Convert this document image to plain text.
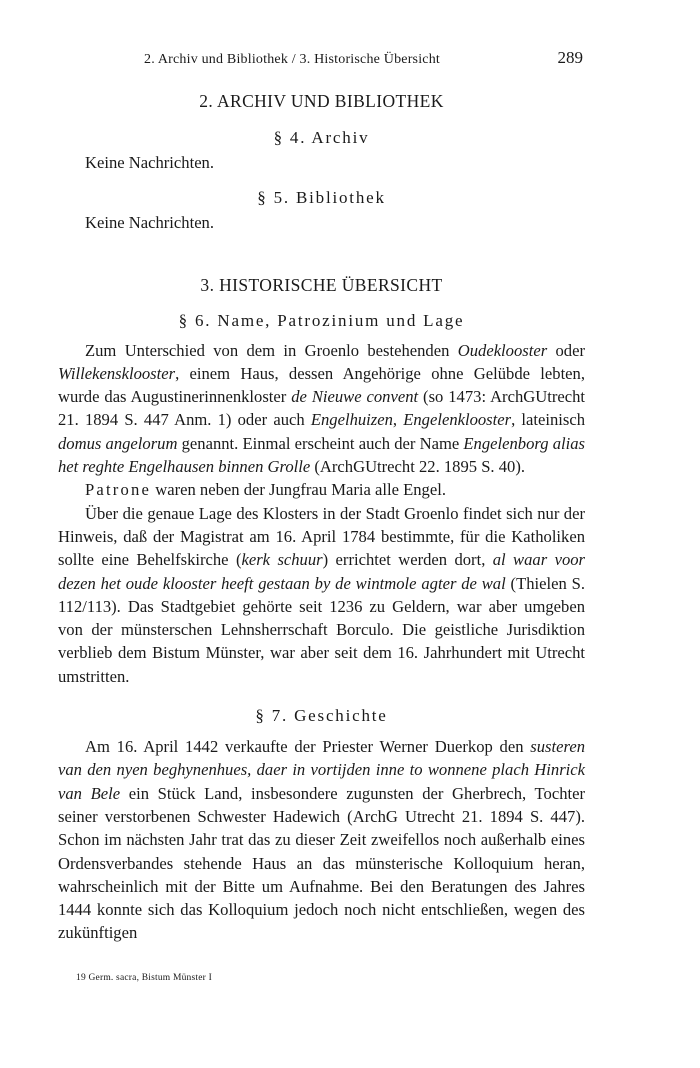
2. Archiv und Bibliothek / 3. Historische Übersicht	289
2. ARCHIV UND BIBLIOTHEK
§ 4. Archiv

Keine Nachrichten.

§ 5. Bibliothek

Keine Nachrichten.

3. HISTORISCHE ÜBERSICHT
§ 6. Name, Patrozinium und Lage

Zum Unterschied von dem in Groenlo bestehenden Oudeklooster oder Willekensklooster, einem Haus, dessen Angehörige ohne Gelübde lebten, wurde das Augustinerinnenkloster de Nieuwe convent (so 1473: ArchGUtrecht 21. 1894 S. 447 Anm. 1) oder auch Engelhuizen, Engelenklooster, lateinisch domus angelorum genannt. Einmal erscheint auch der Name Engelenborg alias het reghte Engelhausen binnen Grolle (ArchGUtrecht 22. 1895 S. 40).

Patrone waren neben der Jungfrau Maria alle Engel.

Über die genaue Lage des Klosters in der Stadt Groenlo findet sich nur der Hinweis, daß der Magistrat am 16. April 1784 bestimmte, für die Katholiken sollte eine Behelfskirche (kerk schuur) errichtet werden dort, al waar voor dezen het oude klooster heeft gestaan by de wintmole agter de wal (Thielen S. 112/113). Das Stadtgebiet gehörte seit 1236 zu Geldern, war aber umgeben von der münsterschen Lehnsherrschaft Borculo. Die geistliche Jurisdiktion verblieb dem Bistum Münster, war aber seit dem 16. Jahrhundert mit Utrecht umstritten.

§ 7. Geschichte

Am 16. April 1442 verkaufte der Priester Werner Duerkop den susteren van den nyen beghynenhues, daer in vortijden inne to wonnene plach Hinrick van Bele ein Stück Land, insbesondere zugunsten der Gherbrech, Tochter seiner verstorbenen Schwester Hadewich (ArchG Utrecht 21. 1894 S. 447). Schon im nächsten Jahr trat das zu dieser Zeit zweifellos noch außerhalb eines Ordensverbandes stehende Haus an das münsterische Kolloquium heran, wahrscheinlich mit der Bitte um Aufnahme. Bei den Beratungen des Jahres 1444 konnte sich das Kolloquium jedoch noch nicht entschließen, wegen des zukünftigen

19 Germ. sacra, Bistum Münster I
